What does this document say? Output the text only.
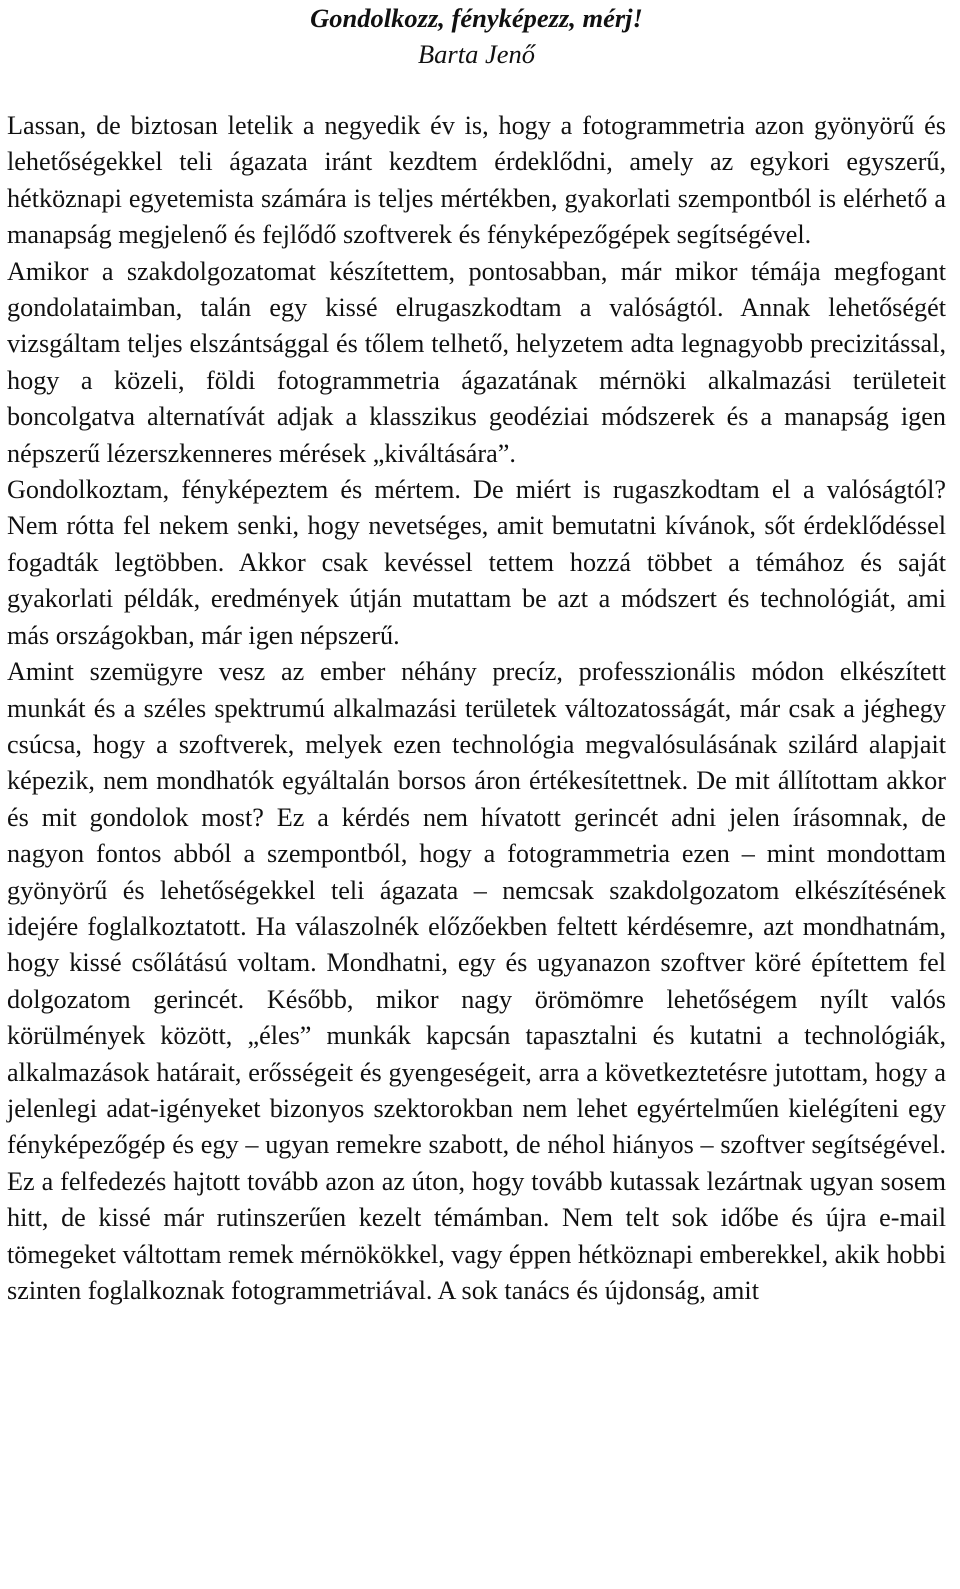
Gondolkozz, fényképezz, mérj!

Barta Jenő

Lassan, de biztosan letelik a negyedik év is, hogy a fotogrammetria azon gyönyörű és lehetőségekkel teli ágazata iránt kezdtem érdeklődni, amely az egykori egyszerű, hétköznapi egyetemista számára is teljes mértékben, gyakorlati szempontból is elérhető a manapság megjelenő és fejlődő szoftverek és fényképezőgépek segítségével.

Amikor a szakdolgozatomat készítettem, pontosabban, már mikor témája megfogant gondolataimban, talán egy kissé elrugaszkodtam a valóságtól. Annak lehetőségét vizsgáltam teljes elszántsággal és tőlem telhető, helyzetem adta legnagyobb precizitással, hogy a közeli, földi fotogrammetria ágazatának mérnöki alkalmazási területeit boncolgatva alternatívát adjak a klasszikus geodéziai módszerek és a manapság igen népszerű lézerszkenneres mérések „kiváltására”.

Gondolkoztam, fényképeztem és mértem. De miért is rugaszkodtam el a valóságtól? Nem rótta fel nekem senki, hogy nevetséges, amit bemutatni kívánok, sőt érdeklődéssel fogadták legtöbben. Akkor csak kevéssel tettem hozzá többet a témához és saját gyakorlati példák, eredmények útján mutattam be azt a módszert és technológiát, ami más országokban, már igen népszerű.

Amint szemügyre vesz az ember néhány precíz, professzionális módon elkészített munkát és a széles spektrumú alkalmazási területek változatosságát, már csak a jéghegy csúcsa, hogy a szoftverek, melyek ezen technológia megvalósulásának szilárd alapjait képezik, nem mondhatók egyáltalán borsos áron értékesítettnek. De mit állítottam akkor és mit gondolok most? Ez a kérdés nem hívatott gerincét adni jelen írásomnak, de nagyon fontos abból a szempontból, hogy a fotogrammetria ezen – mint mondottam gyönyörű és lehetőségekkel teli ágazata – nemcsak szakdolgozatom elkészítésének idejére foglalkoztatott. Ha válaszolnék előzőekben feltett kérdésemre, azt mondhatnám, hogy kissé csőlátású voltam. Mondhatni, egy és ugyanazon szoftver köré építettem fel dolgozatom gerincét. Később, mikor nagy örömömre lehetőségem nyílt valós körülmények között, „éles” munkák kapcsán tapasztalni és kutatni a technológiák, alkalmazások határait, erősségeit és gyengeségeit, arra a következtetésre jutottam, hogy a jelenlegi adat-igényeket bizonyos szektorokban nem lehet egyértelműen kielégíteni egy fényképezőgép és egy – ugyan remekre szabott, de néhol hiányos – szoftver segítségével. Ez a felfedezés hajtott tovább azon az úton, hogy tovább kutassak lezártnak ugyan sosem hitt, de kissé már rutinszerűen kezelt témámban. Nem telt sok időbe és újra e-mail tömegeket váltottam remek mérnökökkel, vagy éppen hétköznapi emberekkel, akik hobbi szinten foglalkoznak fotogrammetriával. A sok tanács és újdonság, amit
